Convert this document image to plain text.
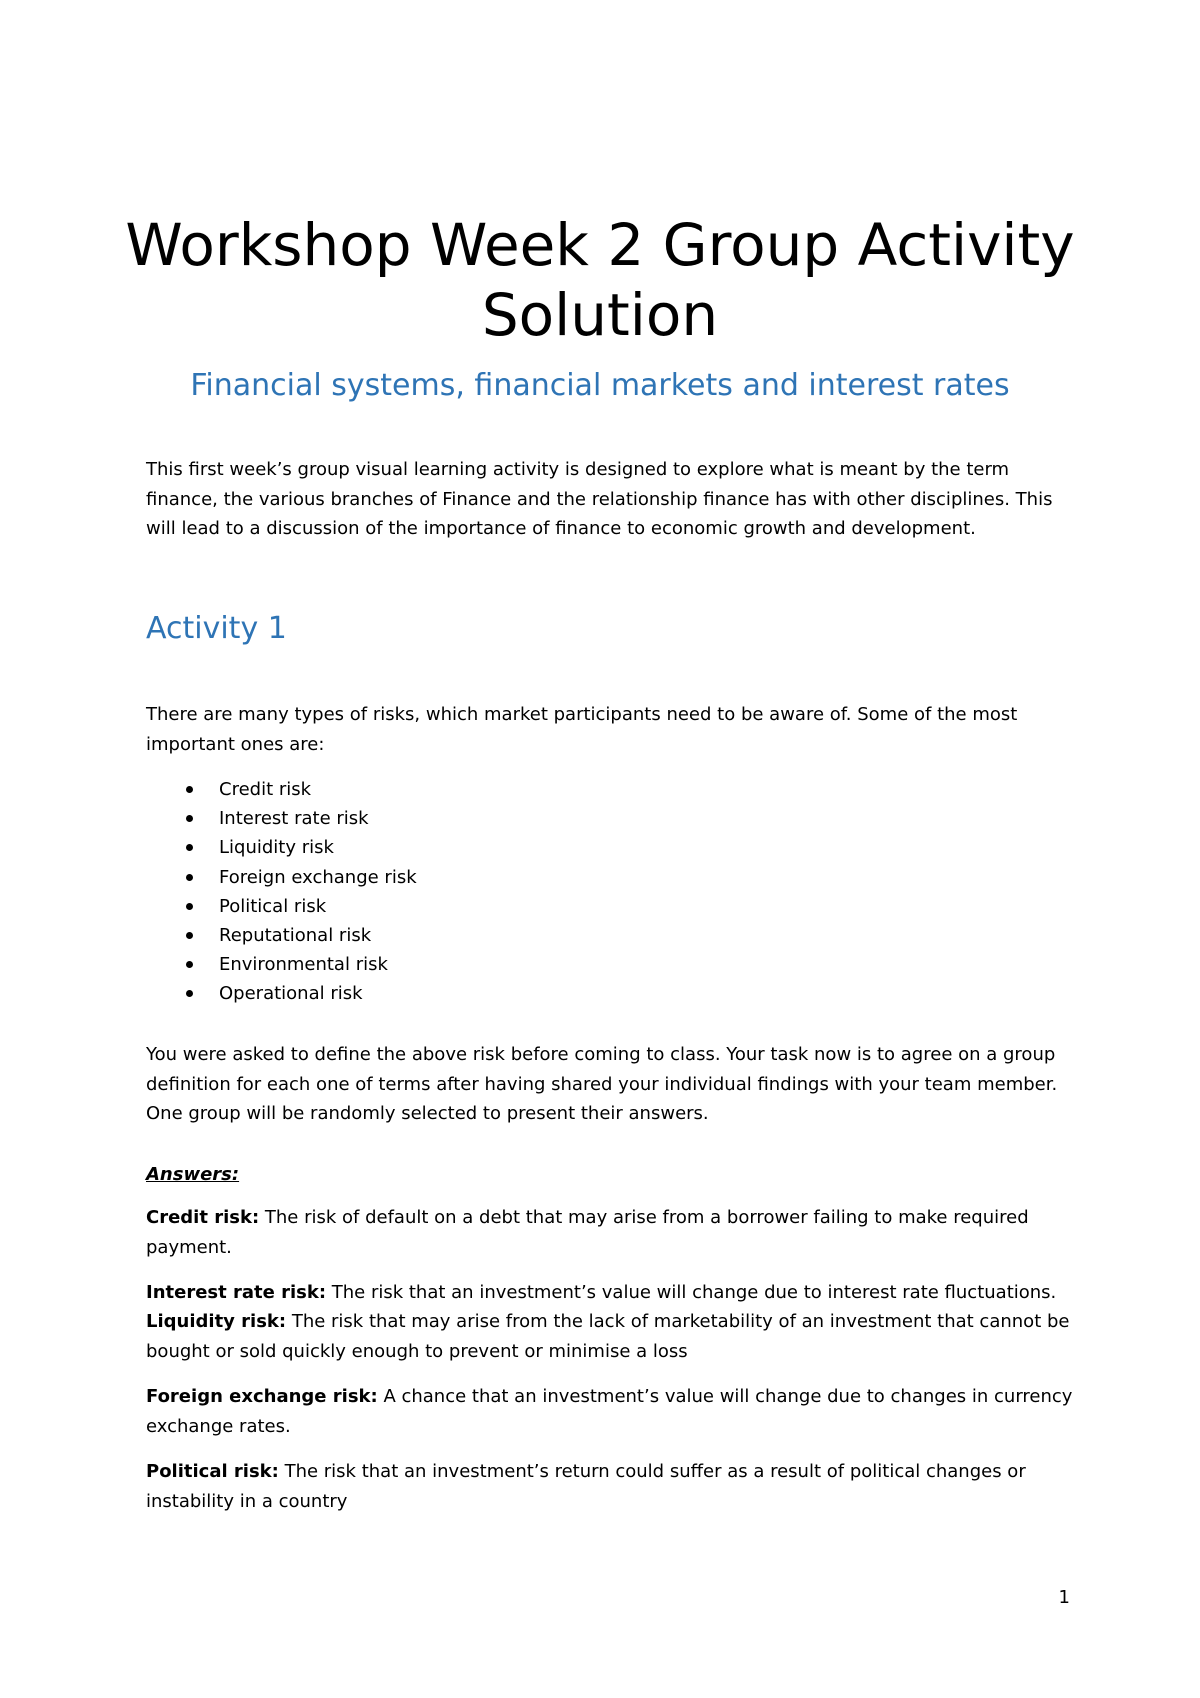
Workshop Week 2 Group Activity Solution
Financial systems, financial markets and interest rates

This first week’s group visual learning activity is designed to explore what is meant by the term finance, the various branches of Finance and the relationship finance has with other disciplines. This will lead to a discussion of the importance of finance to economic growth and development.

Activity 1

There are many types of risks, which market participants need to be aware of. Some of the most important ones are:

Credit risk
Interest rate risk
Liquidity risk
Foreign exchange risk
Political risk
Reputational risk
Environmental risk
Operational risk

You were asked to define the above risk before coming to class. Your task now is to agree on a group definition for each one of terms after having shared your individual findings with your team member. One group will be randomly selected to present their answers.

Answers:

Credit risk: The risk of default on a debt that may arise from a borrower failing to make required payment.

Interest rate risk: The risk that an investment’s value will change due to interest rate fluctuations.

Liquidity risk: The risk that may arise from the lack of marketability of an investment that cannot be bought or sold quickly enough to prevent or minimise a loss

Foreign exchange risk: A chance that an investment’s value will change due to changes in currency exchange rates.

Political risk: The risk that an investment’s return could suffer as a result of political changes or instability in a country

1
